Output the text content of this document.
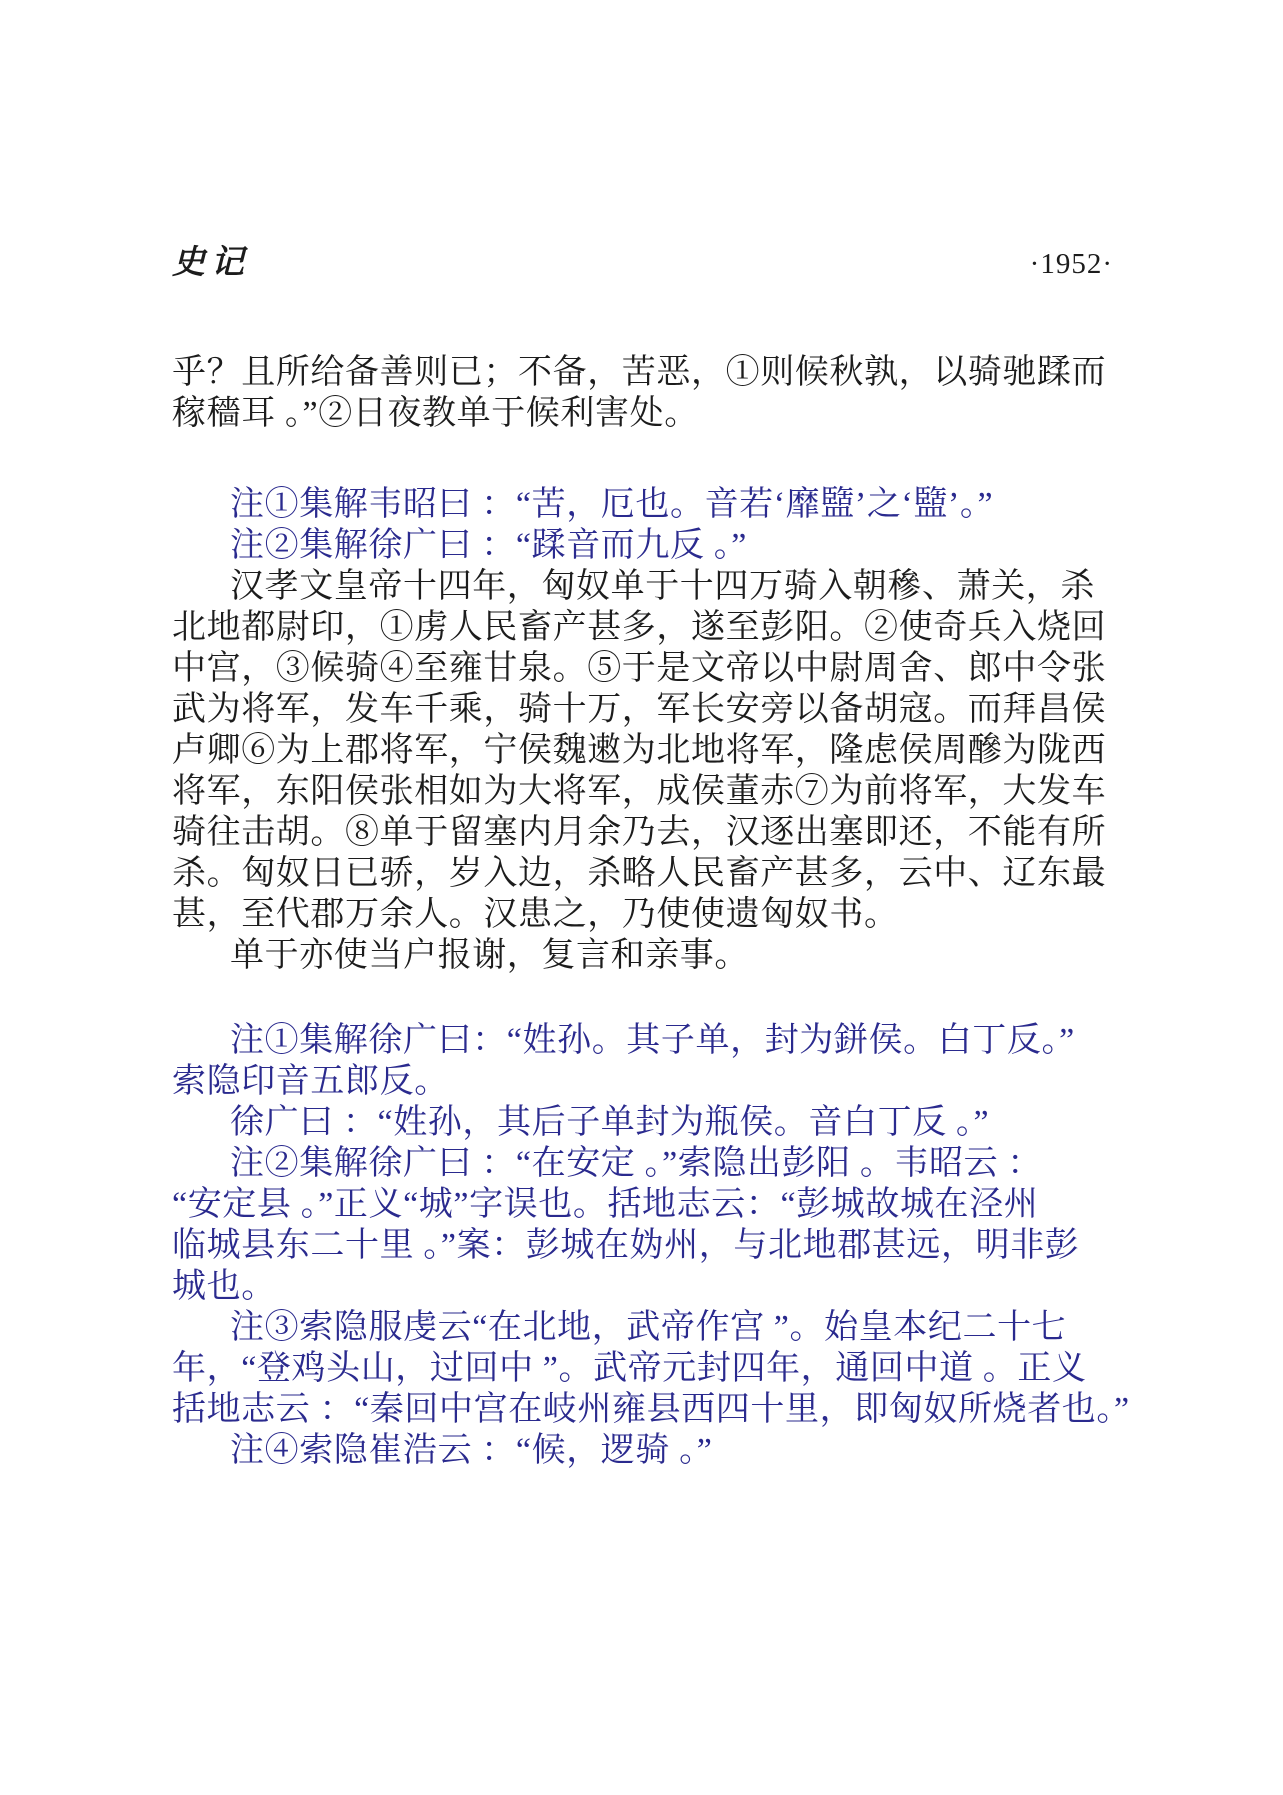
史记	·1952·
乎？且所给备善则已；不备，苦恶，①则候秋孰，以骑驰蹂而
稼穡耳 。”②日夜教单于候利害处。
注①集解韦昭曰 ：“苦，厄也。音若‘靡盬’之‘盬’。”
注②集解徐广曰 ：“蹂音而九反 。”
汉孝文皇帝十四年，匈奴单于十四万骑入朝穇、萧关，杀
北地都尉印，①虏人民畜产甚多，遂至彭阳。②使奇兵入烧回
中宫，③候骑④至雍甘泉。⑤于是文帝以中尉周舍、郎中令张
武为将军，发车千乘，骑十万，军长安旁以备胡寇。而拜昌侯
卢卿⑥为上郡将军，宁侯魏遫为北地将军，隆虑侯周醦为陇西
将军，东阳侯张相如为大将军，成侯董赤⑦为前将军，大发车
骑往击胡。⑧单于留塞内月余乃去，汉逐出塞即还，不能有所
杀。匈奴日已骄，岁入边，杀略人民畜产甚多，云中、辽东最
甚，至代郡万余人。汉患之，乃使使遗匈奴书。
单于亦使当户报谢，复言和亲事。
注①集解徐广曰：“姓孙。其子单，封为鉼侯。白丁反。”
索隐印音五郎反。
徐广曰 ：“姓孙，其后子单封为瓶侯。音白丁反 。”
注②集解徐广曰 ：“在安定 。”索隐出彭阳 。韦昭云 ：
“安定县 。”正义“城”字误也。括地志云：“彭城故城在泾州
临城县东二十里 。”案：彭城在妫州，与北地郡甚远，明非彭
城也。
注③索隐服虔云“在北地，武帝作宫 ”。始皇本纪二十七
年，“登鸡头山，过回中 ”。武帝元封四年，通回中道 。正义
括地志云 ：“秦回中宫在岐州雍县西四十里，即匈奴所烧者也。”
注④索隐崔浩云 ：“候，逻骑 。”
